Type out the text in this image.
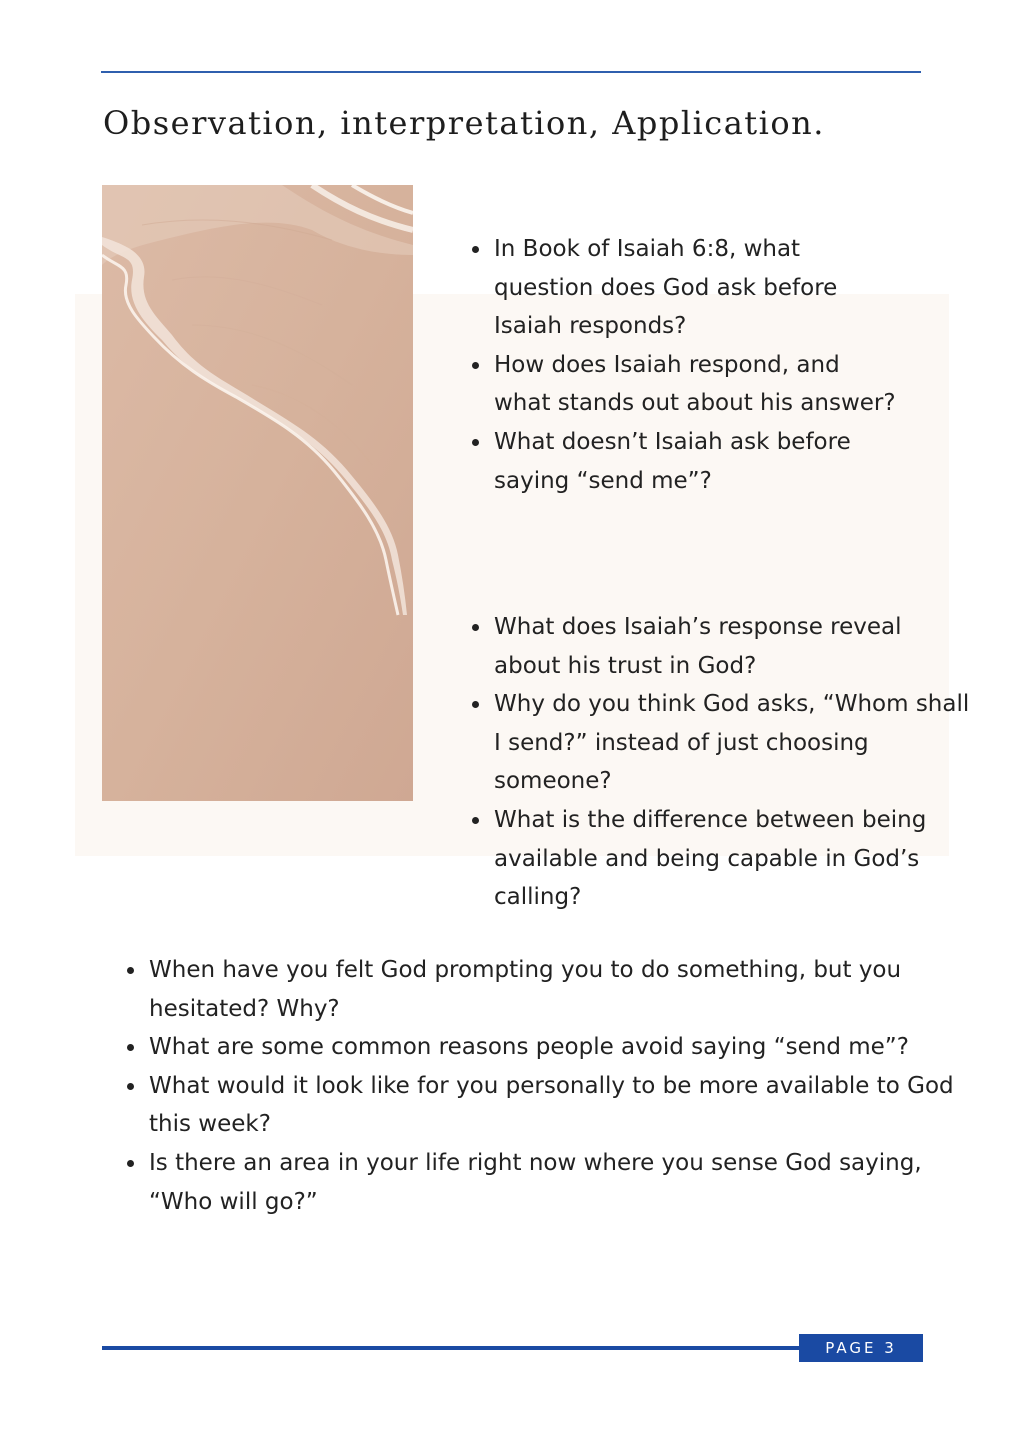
Observation, interpretation, Application.
• In Book of Isaiah 6:8, what question does God ask before Isaiah responds?
• How does Isaiah respond, and what stands out about his answer?
• What doesn’t Isaiah ask before saying “send me”?
• What does Isaiah’s response reveal about his trust in God?
• Why do you think God asks, “Whom shall I send?” instead of just choosing someone?
• What is the difference between being available and being capable in God’s calling?
• When have you felt God prompting you to do something, but you hesitated? Why?
• What are some common reasons people avoid saying “send me”?
• What would it look like for you personally to be more available to God this week?
• Is there an area in your life right now where you sense God saying, “Who will go?”
PAGE 3
